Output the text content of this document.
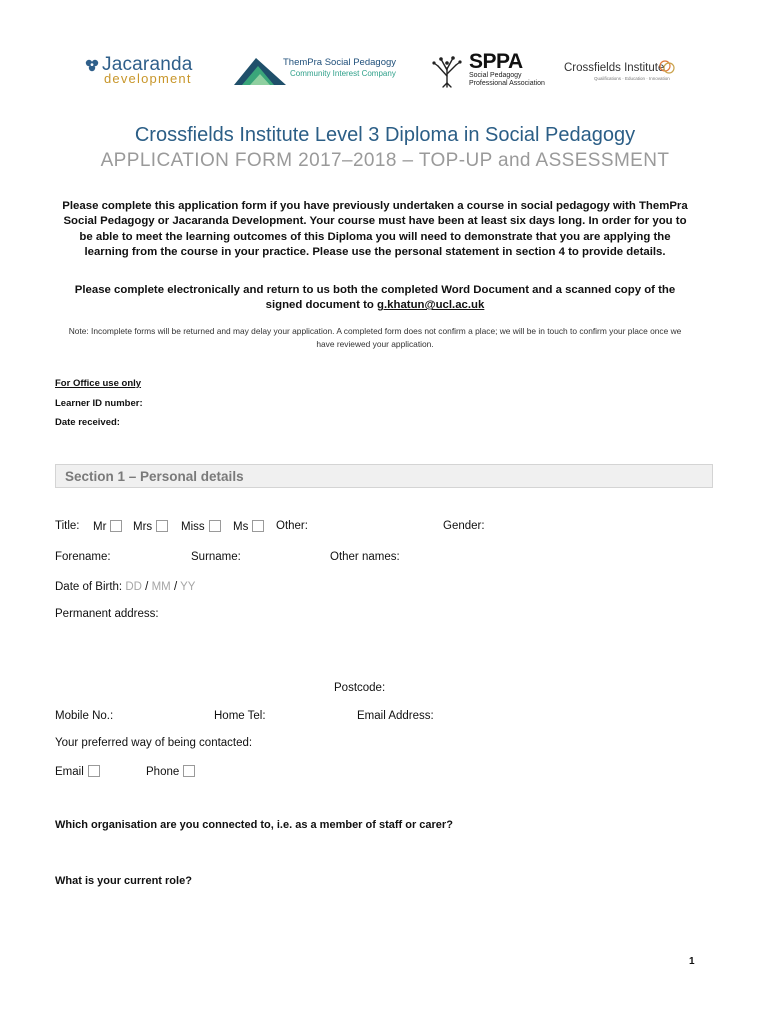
Jacaranda
development
ThemPra Social Pedagogy
Community Interest Company
SPPA
Social Pedagogy Professional Association
Crossfields Institute
Qualifications · Education · Innovation
Crossfields Institute Level 3 Diploma in Social Pedagogy
APPLICATION FORM 2017–2018 – TOP-UP and ASSESSMENT
Please complete this application form if you have previously undertaken a course in social pedagogy with ThemPra Social Pedagogy or Jacaranda Development. Your course must have been at least six days long. In order for you to be able to meet the learning outcomes of this Diploma you will need to demonstrate that you are applying the learning from the course in your practice. Please use the personal statement in section 4 to provide details.
Please complete electronically and return to us both the completed Word Document and a scanned copy of the signed document to g.khatun@ucl.ac.uk
Note: Incomplete forms will be returned and may delay your application. A completed form does not confirm a place; we will be in touch to confirm your place once we have reviewed your application.
For Office use only
Learner ID number:
Date received:
Section 1 – Personal details
Title: Mr	Mrs	Miss	Ms	Other:	Gender:
Forename:	Surname:	Other names:
Date of Birth: DD / MM / YY
Permanent address:
Postcode:
Mobile No.:	Home Tel:	Email Address:
Your preferred way of being contacted:
Email	Phone
Which organisation are you connected to, i.e. as a member of staff or carer?
What is your current role?
1
